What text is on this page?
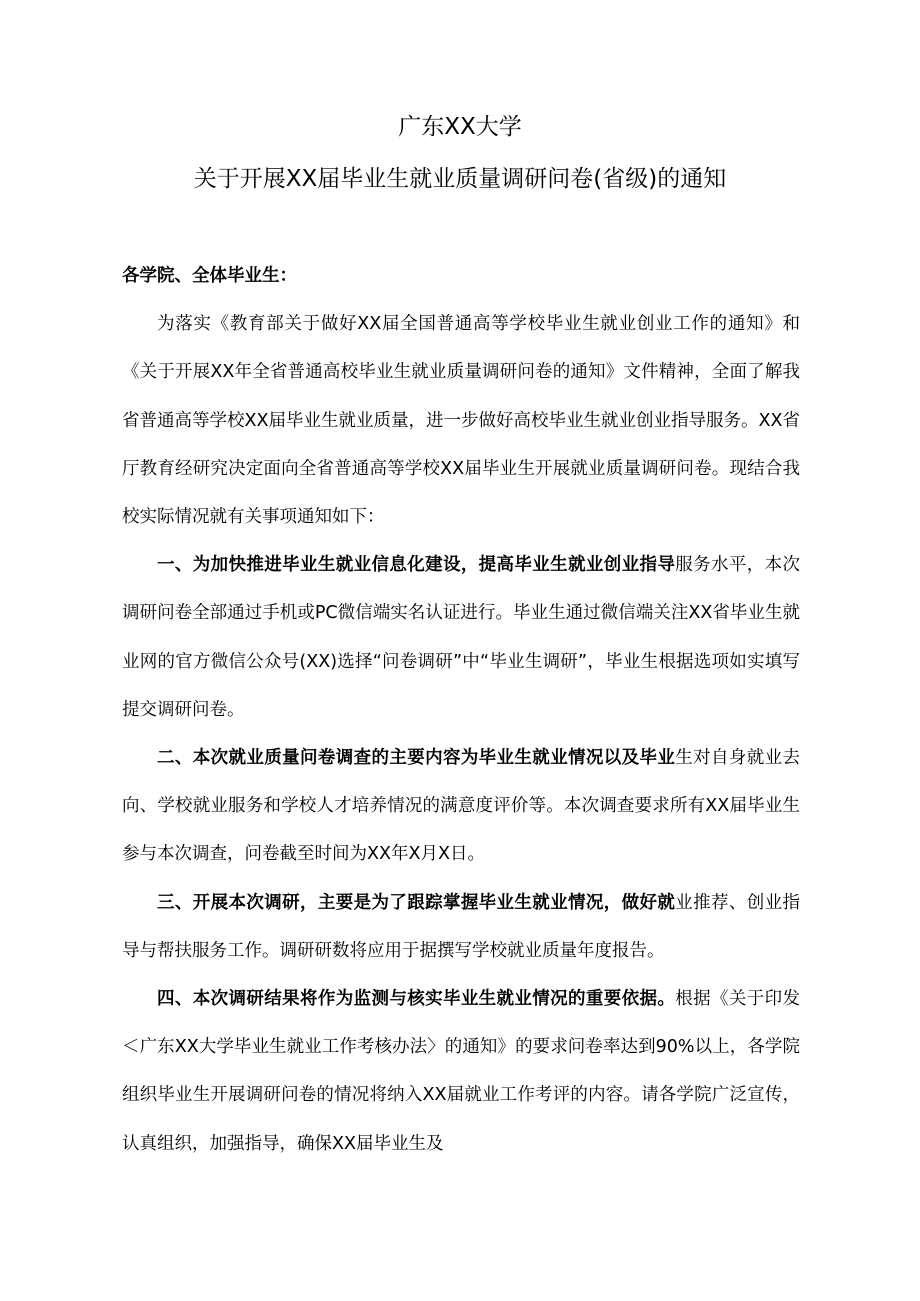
广东XX大学
关于开展XX届毕业生就业质量调研问卷(省级)的通知

各学院、全体毕业生：

为落实《教育部关于做好XX届全国普通高等学校毕业生就业创业工作的通知》和《关于开展XX年全省普通高校毕业生就业质量调研问卷的通知》文件精神，全面了解我省普通高等学校XX届毕业生就业质量，进一步做好高校毕业生就业创业指导服务。XX省厅教育经研究决定面向全省普通高等学校XX届毕业生开展就业质量调研问卷。现结合我校实际情况就有关事项通知如下：

一、为加快推进毕业生就业信息化建设，提高毕业生就业创业指导服务水平，本次调研问卷全部通过手机或PC微信端实名认证进行。毕业生通过微信端关注XX省毕业生就业网的官方微信公众号(XX)选择“问卷调研”中“毕业生调研”，毕业生根据选项如实填写提交调研问卷。

二、本次就业质量问卷调查的主要内容为毕业生就业情况以及毕业生对自身就业去向、学校就业服务和学校人才培养情况的满意度评价等。本次调查要求所有XX届毕业生参与本次调查，问卷截至时间为XX年X月X日。

三、开展本次调研，主要是为了跟踪掌握毕业生就业情况，做好就业推荐、创业指导与帮扶服务工作。调研研数将应用于据撰写学校就业质量年度报告。

四、本次调研结果将作为监测与核实毕业生就业情况的重要依据。根据《关于印发＜广东XX大学毕业生就业工作考核办法〉的通知》的要求问卷率达到90%以上，各学院组织毕业生开展调研问卷的情况将纳入XX届就业工作考评的内容。请各学院广泛宣传，认真组织，加强指导，确保XX届毕业生及
